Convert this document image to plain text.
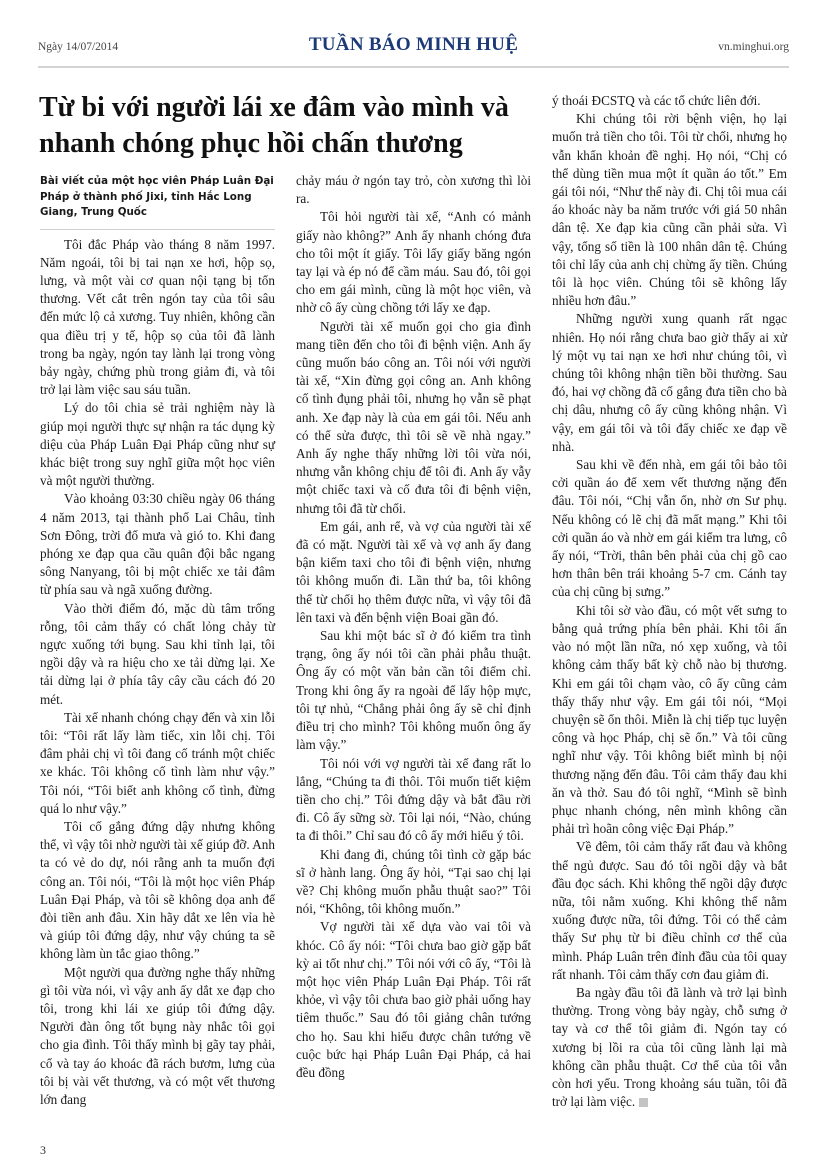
Ngày 14/07/2014	TUẦN BÁO MINH HUỆ	vn.minghui.org
Từ bi với người lái xe đâm vào mình và nhanh chóng phục hồi chấn thương
Bài viết của một học viên Pháp Luân Đại Pháp ở thành phố Jixi, tỉnh Hắc Long Giang, Trung Quốc

Tôi đắc Pháp vào tháng 8 năm 1997. Năm ngoái, tôi bị tai nạn xe hơi, hộp sọ, lưng, và một vài cơ quan nội tạng bị tổn thương. Vết cắt trên ngón tay của tôi sâu đến mức lộ cả xương. Tuy nhiên, không cần qua điều trị y tế, hộp sọ của tôi đã lành trong ba ngày, ngón tay lành lại trong vòng bảy ngày, chứng phù trong giảm đi, và tôi trở lại làm việc sau sáu tuần.

Lý do tôi chia sẻ trải nghiệm này là giúp mọi người thực sự nhận ra tác dụng kỳ diệu của Pháp Luân Đại Pháp cũng như sự khác biệt trong suy nghĩ giữa một học viên và một người thường.

Vào khoảng 03:30 chiều ngày 06 tháng 4 năm 2013, tại thành phố Lai Châu, tỉnh Sơn Đông, trời đổ mưa và gió to. Khi đang phóng xe đạp qua cầu quân đội bắc ngang sông Nanyang, tôi bị một chiếc xe tải đâm từ phía sau và ngã xuống đường.

Vào thời điểm đó, mặc dù tâm trống rỗng, tôi cảm thấy có chất lỏng chảy từ ngực xuống tới bụng. Sau khi tỉnh lại, tôi ngồi dậy và ra hiệu cho xe tải dừng lại. Xe tải dừng lại ở phía tây cây cầu cách đó 20 mét.

Tài xế nhanh chóng chạy đến và xin lỗi tôi: “Tôi rất lấy làm tiếc, xin lỗi chị. Tôi đâm phải chị vì tôi đang cố tránh một chiếc xe khác. Tôi không cố tình làm như vậy.” Tôi nói, “Tôi biết anh không cố tình, đừng quá lo như vậy.”

Tôi cố gắng đứng dậy nhưng không thể, vì vậy tôi nhờ người tài xế giúp đỡ. Anh ta có vẻ do dự, nói rằng anh ta muốn đợi công an. Tôi nói, “Tôi là một học viên Pháp Luân Đại Pháp, và tôi sẽ không dọa anh để đòi tiền anh đâu. Xin hãy dắt xe lên vỉa hè và giúp tôi đứng dậy, như vậy chúng ta sẽ không làm ùn tắc giao thông.”

Một người qua đường nghe thấy những gì tôi vừa nói, vì vậy anh ấy dắt xe đạp cho tôi, trong khi lái xe giúp tôi đứng dậy. Người đàn ông tốt bụng này nhắc tôi gọi cho gia đình. Tôi thấy mình bị gãy tay phải, cổ và tay áo khoác đã rách bươm, lưng của tôi bị vài vết thương, và có một vết thương lớn đang

chảy máu ở ngón tay trỏ, còn xương thì lòi ra.

Tôi hỏi người tài xế, “Anh có mảnh giấy nào không?” Anh ấy nhanh chóng đưa cho tôi một ít giấy. Tôi lấy giấy băng ngón tay lại và ép nó để cầm máu. Sau đó, tôi gọi cho em gái mình, cũng là một học viên, và nhờ cô ấy cùng chồng tới lấy xe đạp.

Người tài xế muốn gọi cho gia đình mang tiền đến cho tôi đi bệnh viện. Anh ấy cũng muốn báo công an. Tôi nói với người tài xế, “Xin đừng gọi công an. Anh không cố tình đụng phải tôi, nhưng họ vẫn sẽ phạt anh. Xe đạp này là của em gái tôi. Nếu anh có thể sửa được, thì tôi sẽ về nhà ngay.” Anh ấy nghe thấy những lời tôi vừa nói, nhưng vẫn không chịu để tôi đi. Anh ấy vẫy một chiếc taxi và cố đưa tôi đi bệnh viện, nhưng tôi đã từ chối.

Em gái, anh rể, và vợ của người tài xế đã có mặt. Người tài xế và vợ anh ấy đang bận kiếm taxi cho tôi đi bệnh viện, nhưng tôi không muốn đi. Lần thứ ba, tôi không thể từ chối họ thêm được nữa, vì vậy tôi đã lên taxi và đến bệnh viện Boai gần đó.

Sau khi một bác sĩ ở đó kiểm tra tình trạng, ông ấy nói tôi cần phải phẫu thuật. Ông ấy có một văn bản cần tôi điểm chỉ. Trong khi ông ấy ra ngoài để lấy hộp mực, tôi tự nhủ, “Chẳng phải ông ấy sẽ chỉ định điều trị cho mình? Tôi không muốn ông ấy làm vậy.”

Tôi nói với vợ người tài xế đang rất lo lắng, “Chúng ta đi thôi. Tôi muốn tiết kiệm tiền cho chị.” Tôi đứng dậy và bắt đầu rời đi. Cô ấy sững sờ. Tôi lại nói, “Nào, chúng ta đi thôi.” Chỉ sau đó cô ấy mới hiểu ý tôi.

Khi đang đi, chúng tôi tình cờ gặp bác sĩ ở hành lang. Ông ấy hỏi, “Tại sao chị lại về? Chị không muốn phẫu thuật sao?” Tôi nói, “Không, tôi không muốn.”

Vợ người tài xế dựa vào vai tôi và khóc. Cô ấy nói: “Tôi chưa bao giờ gặp bất kỳ ai tốt như chị.” Tôi nói với cô ấy, “Tôi là một học viên Pháp Luân Đại Pháp. Tôi rất khỏe, vì vậy tôi chưa bao giờ phải uống hay tiêm thuốc.” Sau đó tôi giảng chân tướng cho họ. Sau khi hiểu được chân tướng về cuộc bức hại Pháp Luân Đại Pháp, cả hai đều đồng

ý thoái ĐCSTQ và các tổ chức liên đới.

Khi chúng tôi rời bệnh viện, họ lại muốn trả tiền cho tôi. Tôi từ chối, nhưng họ vẫn khẩn khoản đề nghị. Họ nói, “Chị có thể dùng tiền mua một ít quần áo tốt.” Em gái tôi nói, “Như thế này đi. Chị tôi mua cái áo khoác này ba năm trước với giá 50 nhân dân tệ. Xe đạp kia cũng cần phải sửa. Vì vậy, tổng số tiền là 100 nhân dân tệ. Chúng tôi chỉ lấy của anh chị chừng ấy tiền. Chúng tôi là học viên. Chúng tôi sẽ không lấy nhiều hơn đâu.”

Những người xung quanh rất ngạc nhiên. Họ nói rằng chưa bao giờ thấy ai xử lý một vụ tai nạn xe hơi như chúng tôi, vì chúng tôi không nhận tiền bồi thường. Sau đó, hai vợ chồng đã cố gắng đưa tiền cho bà chị dâu, nhưng cô ấy cũng không nhận. Vì vậy, em gái tôi và tôi đẩy chiếc xe đạp về nhà.

Sau khi về đến nhà, em gái tôi bảo tôi cởi quần áo để xem vết thương nặng đến đâu. Tôi nói, “Chị vẫn ổn, nhờ ơn Sư phụ. Nếu không có lẽ chị đã mất mạng.” Khi tôi cởi quần áo và nhờ em gái kiểm tra lưng, cô ấy nói, “Trời, thân bên phải của chị gồ cao hơn thân bên trái khoảng 5-7 cm. Cánh tay của chị cũng bị sưng.”

Khi tôi sờ vào đầu, có một vết sưng to bằng quả trứng phía bên phải. Khi tôi ấn vào nó một lần nữa, nó xẹp xuống, và tôi không cảm thấy bất kỳ chỗ nào bị thương. Khi em gái tôi chạm vào, cô ấy cũng cảm thấy thấy như vậy. Em gái tôi nói, “Mọi chuyện sẽ ổn thôi. Miễn là chị tiếp tục luyện công và học Pháp, chị sẽ ổn.” Và tôi cũng nghĩ như vậy. Tôi không biết mình bị nội thương nặng đến đâu. Tôi cảm thấy đau khi ăn và thở. Sau đó tôi nghĩ, “Mình sẽ bình phục nhanh chóng, nên mình không cần phải trì hoãn công việc Đại Pháp.”

Về đêm, tôi cảm thấy rất đau và không thể ngủ được. Sau đó tôi ngồi dậy và bắt đầu đọc sách. Khi không thể ngồi dậy được nữa, tôi nằm xuống. Khi không thể nằm xuống được nữa, tôi đứng. Tôi có thể cảm thấy Sư phụ từ bi điều chỉnh cơ thể của mình. Pháp Luân trên đỉnh đầu của tôi quay rất nhanh. Tôi cảm thấy cơn đau giảm đi.

Ba ngày đầu tôi đã lành và trở lại bình thường. Trong vòng bảy ngày, chỗ sưng ở tay và cơ thể tôi giảm đi. Ngón tay có xương bị lồi ra của tôi cũng lành lại mà không cần phẫu thuật. Cơ thể của tôi vẫn còn hơi yếu. Trong khoảng sáu tuần, tôi đã trở lại làm việc.

3
